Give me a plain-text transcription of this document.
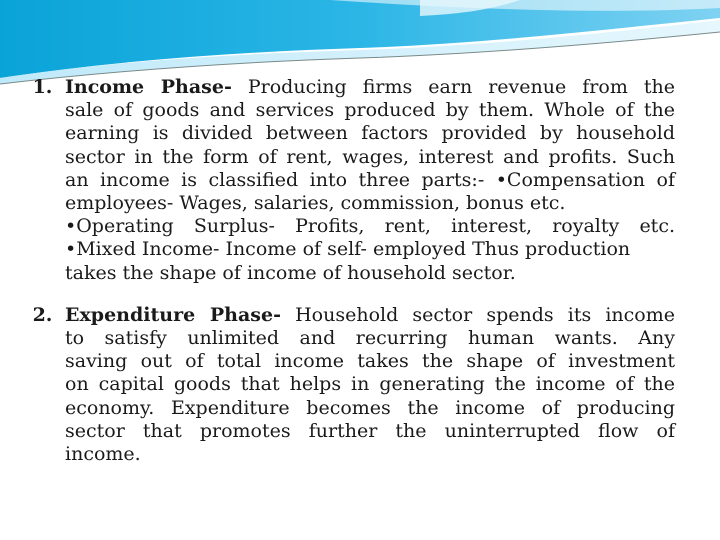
1. Income Phase- Producing firms earn revenue from the
sale of goods and services produced by them. Whole of the
earning is divided between factors provided by household
sector in the form of rent, wages, interest and profits. Such
an income is classified into three parts:- •Compensation of
employees- Wages, salaries, commission, bonus etc.
•Operating Surplus- Profits, rent, interest, royalty etc.
•Mixed Income- Income of self- employed Thus production
takes the shape of income of household sector.
2. Expenditure Phase- Household sector spends its income
to satisfy unlimited and recurring human wants. Any
saving out of total income takes the shape of investment
on capital goods that helps in generating the income of the
economy. Expenditure becomes the income of producing
sector that promotes further the uninterrupted flow of
income.
